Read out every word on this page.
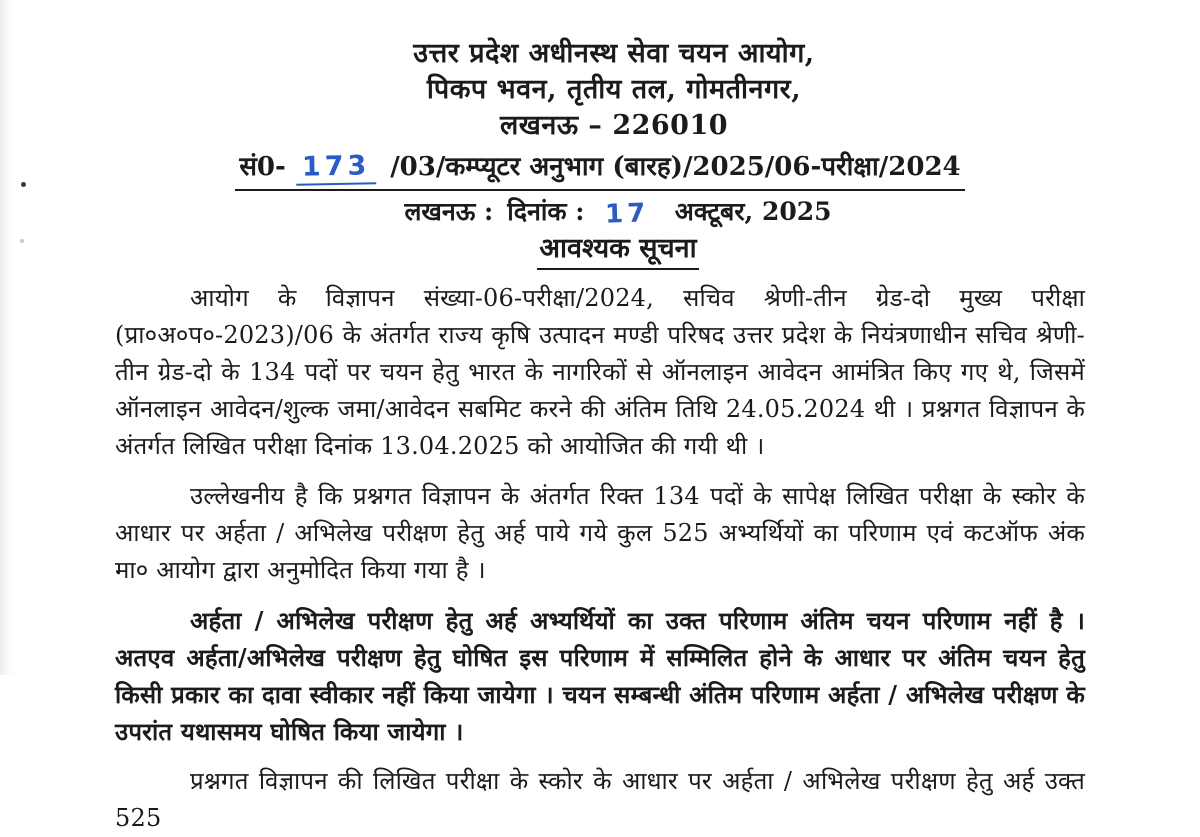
उत्तर प्रदेश अधीनस्थ सेवा चयन आयोग,
पिकप भवन, तृतीय तल, गोमतीनगर,
लखनऊ – 226010
सं0- 173 /03/कम्प्यूटर अनुभाग (बारह)/2025/06-परीक्षा/2024
लखनऊ : दिनांक : 17 अक्टूबर, 2025
आवश्यक सूचना

आयोग के विज्ञापन संख्या-06-परीक्षा/2024, सचिव श्रेणी-तीन ग्रेड-दो मुख्य परीक्षा (प्रा०अ०प०-2023)/06 के अंतर्गत राज्य कृषि उत्पादन मण्डी परिषद उत्तर प्रदेश के नियंत्रणाधीन सचिव श्रेणी-तीन ग्रेड-दो के 134 पदों पर चयन हेतु भारत के नागरिकों से ऑनलाइन आवेदन आमंत्रित किए गए थे, जिसमें ऑनलाइन आवेदन/शुल्क जमा/आवेदन सबमिट करने की अंतिम तिथि 24.05.2024 थी । प्रश्नगत विज्ञापन के अंतर्गत लिखित परीक्षा दिनांक 13.04.2025 को आयोजित की गयी थी ।

उल्लेखनीय है कि प्रश्नगत विज्ञापन के अंतर्गत रिक्त 134 पदों के सापेक्ष लिखित परीक्षा के स्कोर के आधार पर अर्हता / अभिलेख परीक्षण हेतु अर्ह पाये गये कुल 525 अभ्यर्थियों का परिणाम एवं कटऑफ अंक मा० आयोग द्वारा अनुमोदित किया गया है ।

अर्हता / अभिलेख परीक्षण हेतु अर्ह अभ्यर्थियों का उक्त परिणाम अंतिम चयन परिणाम नहीं है । अतएव अर्हता/अभिलेख परीक्षण हेतु घोषित इस परिणाम में सम्मिलित होने के आधार पर अंतिम चयन हेतु किसी प्रकार का दावा स्वीकार नहीं किया जायेगा । चयन सम्बन्धी अंतिम परिणाम अर्हता / अभिलेख परीक्षण के उपरांत यथासमय घोषित किया जायेगा ।

प्रश्नगत विज्ञापन की लिखित परीक्षा के स्कोर के आधार पर अर्हता / अभिलेख परीक्षण हेतु अर्ह उक्त 525
